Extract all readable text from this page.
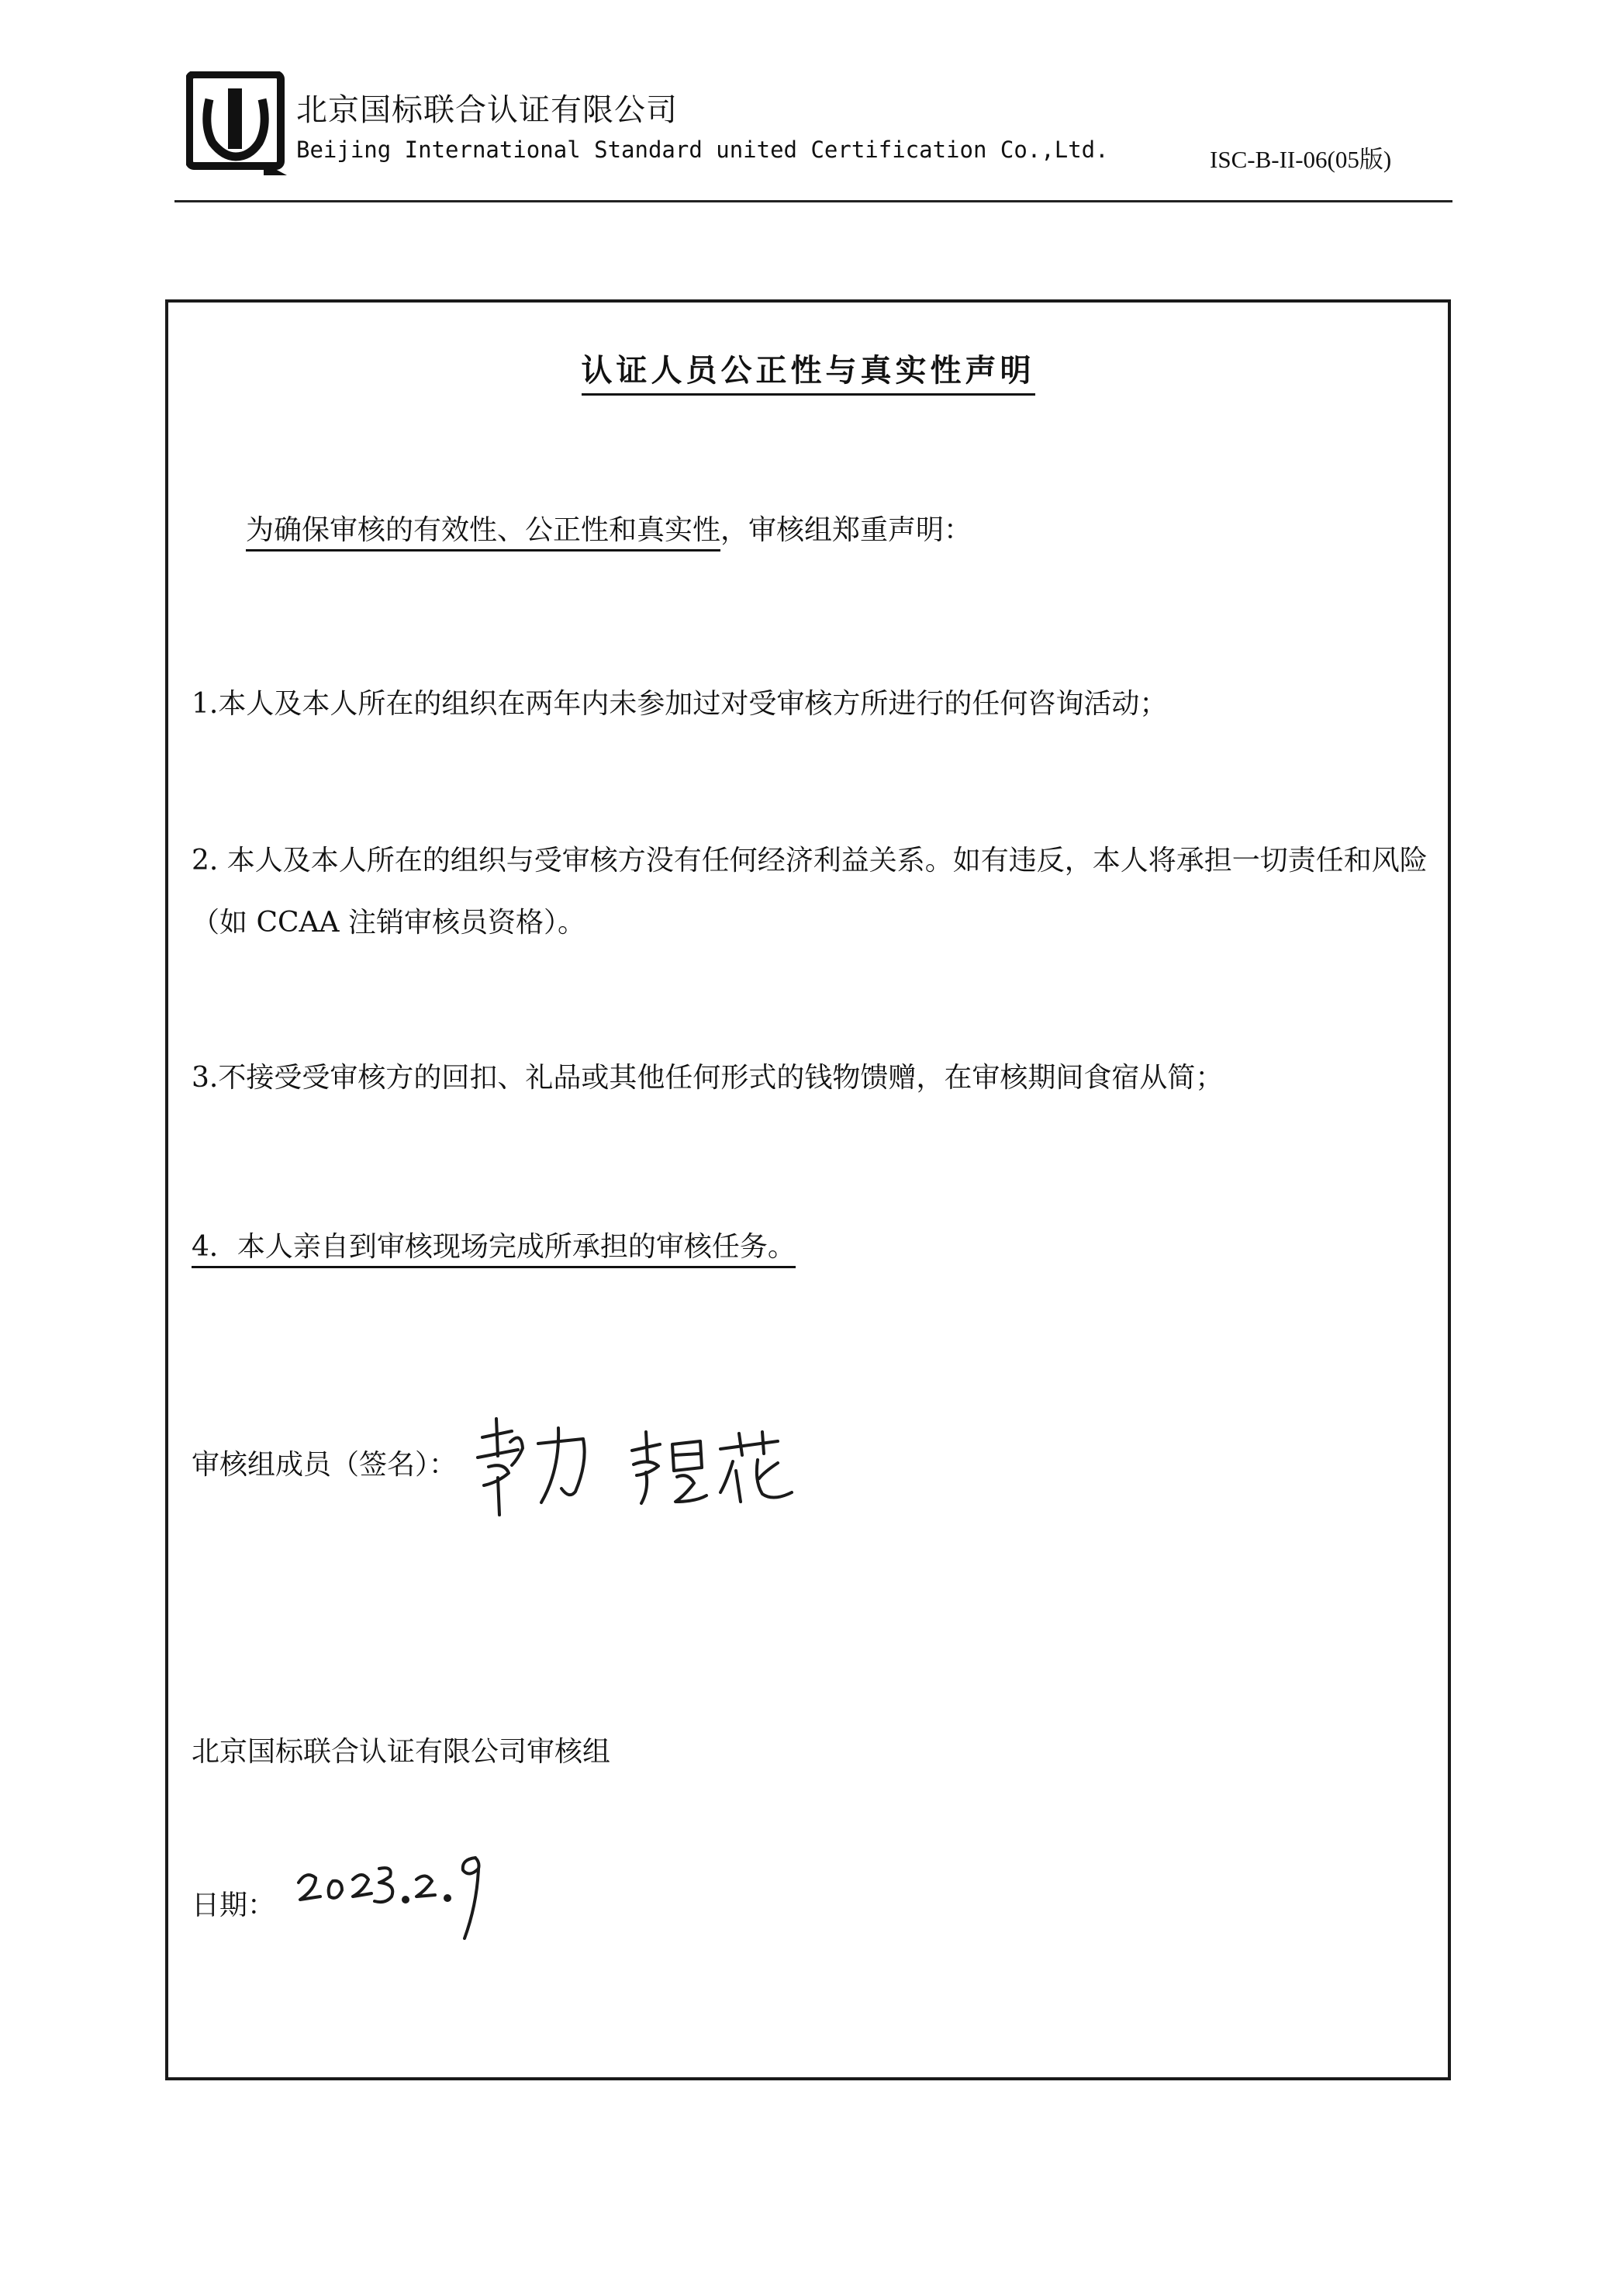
北京国标联合认证有限公司
Beijing International Standard united Certification Co.,Ltd.	ISC-B-II-06(05版)
认证人员公正性与真实性声明
为确保审核的有效性、公正性和真实性，审核组郑重声明：
1.本人及本人所在的组织在两年内未参加过对受审核方所进行的任何咨询活动；
2. 本人及本人所在的组织与受审核方没有任何经济利益关系。如有违反，本人将承担一切责任和风险（如 CCAA 注销审核员资格）。
3.不接受受审核方的回扣、礼品或其他任何形式的钱物馈赠，在审核期间食宿从简；
4．本人亲自到审核现场完成所承担的审核任务。
审核组成员（签名）：
北京国标联合认证有限公司审核组
日期：
